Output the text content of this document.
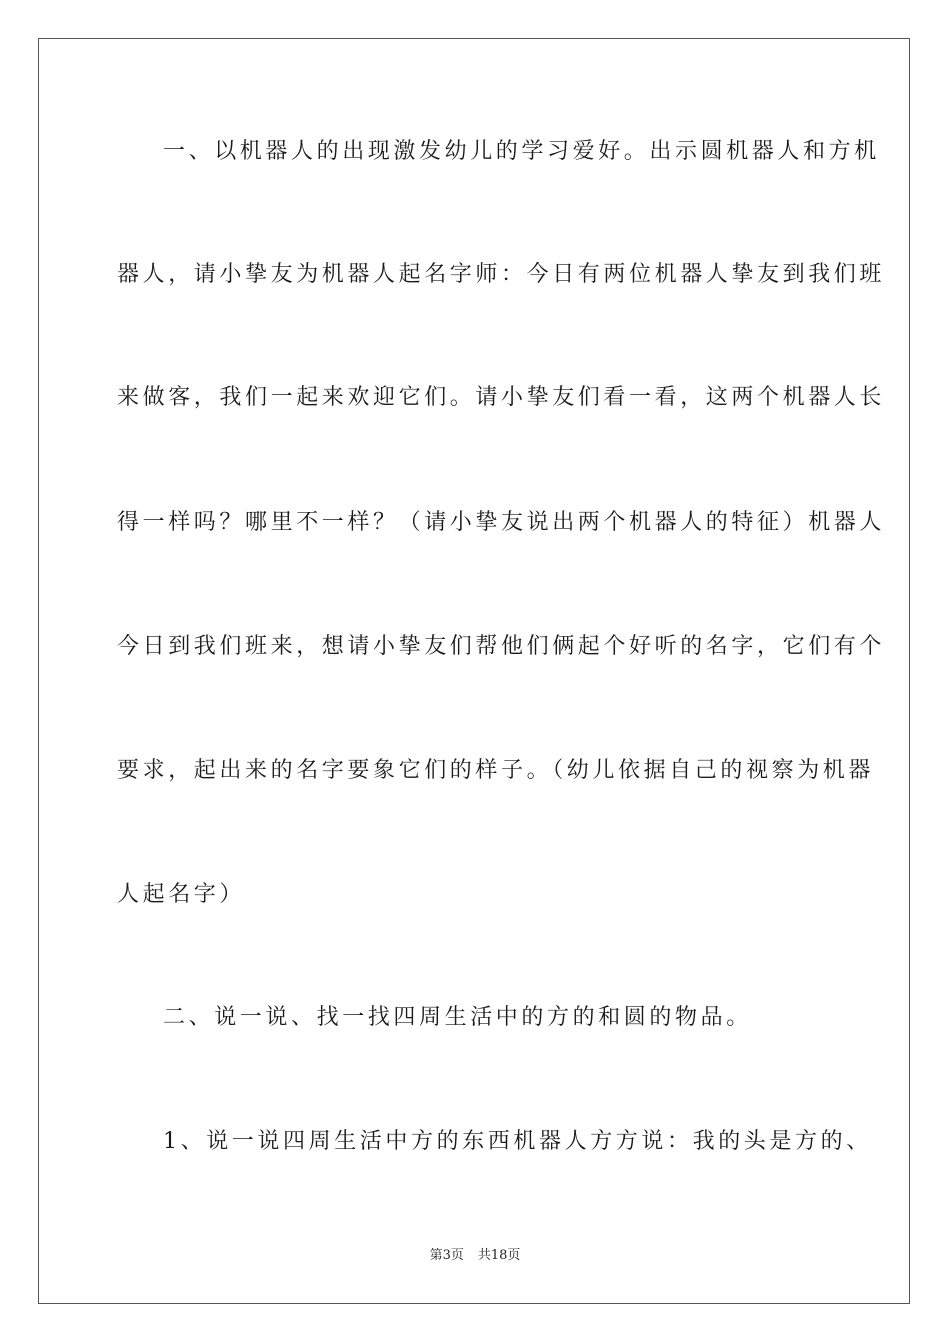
一、以机器人的出现激发幼儿的学习爱好。出示圆机器人和方机
器人，请小挚友为机器人起名字师：今日有两位机器人挚友到我们班
来做客，我们一起来欢迎它们。请小挚友们看一看，这两个机器人长
得一样吗？哪里不一样？（请小挚友说出两个机器人的特征）机器人
今日到我们班来，想请小挚友们帮他们俩起个好听的名字，它们有个
要求，起出来的名字要象它们的样子。（幼儿依据自己的视察为机器
人起名字）
二、说一说、找一找四周生活中的方的和圆的物品。
1、说一说四周生活中方的东西机器人方方说：我的头是方的、
第3页 共18页
